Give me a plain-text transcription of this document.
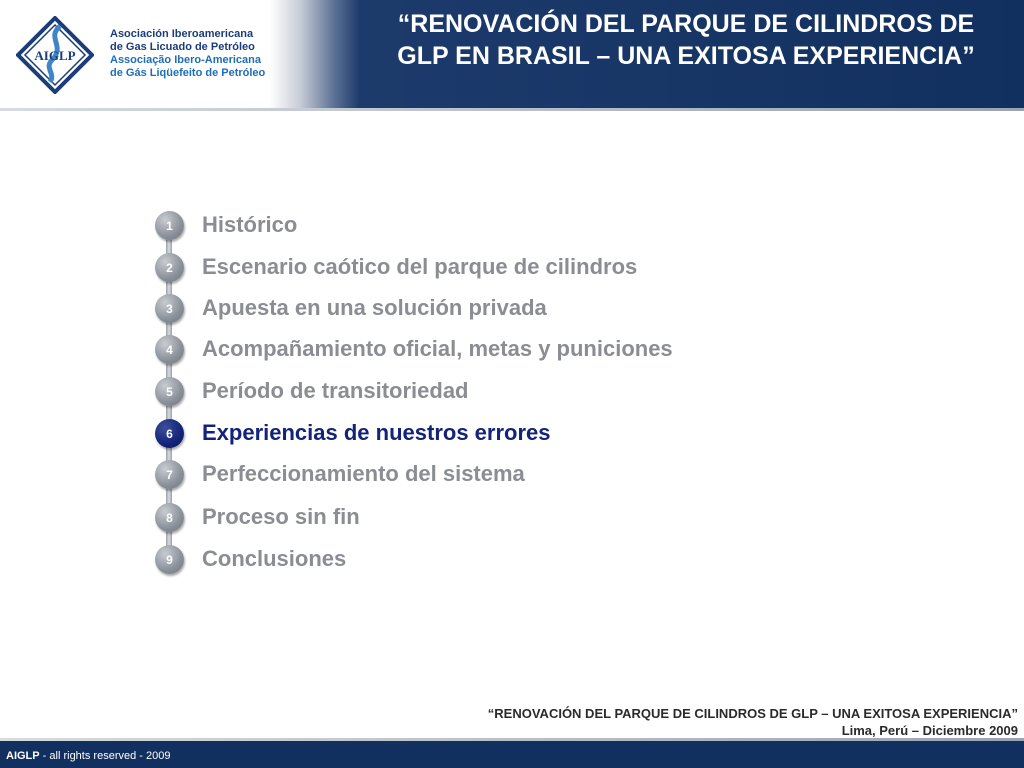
AIGLP
Asociación Iberoamericana
de Gas Licuado de Petróleo
Associação Ibero-Americana
de Gás Liqüefeito de Petróleo
“RENOVACIÓN DEL PARQUE DE CILINDROS DE
GLP EN BRASIL – UNA EXITOSA EXPERIENCIA”
1	Histórico
2	Escenario caótico del parque de cilindros
3	Apuesta en una solución privada
4	Acompañamiento oficial, metas y puniciones
5	Período de transitoriedad
6	Experiencias de nuestros errores
7	Perfeccionamiento del sistema
8	Proceso sin fin
9	Conclusiones
“RENOVACIÓN DEL PARQUE DE CILINDROS DE GLP – UNA EXITOSA EXPERIENCIA”
Lima, Perú – Diciembre 2009
AIGLP - all rights reserved - 2009
